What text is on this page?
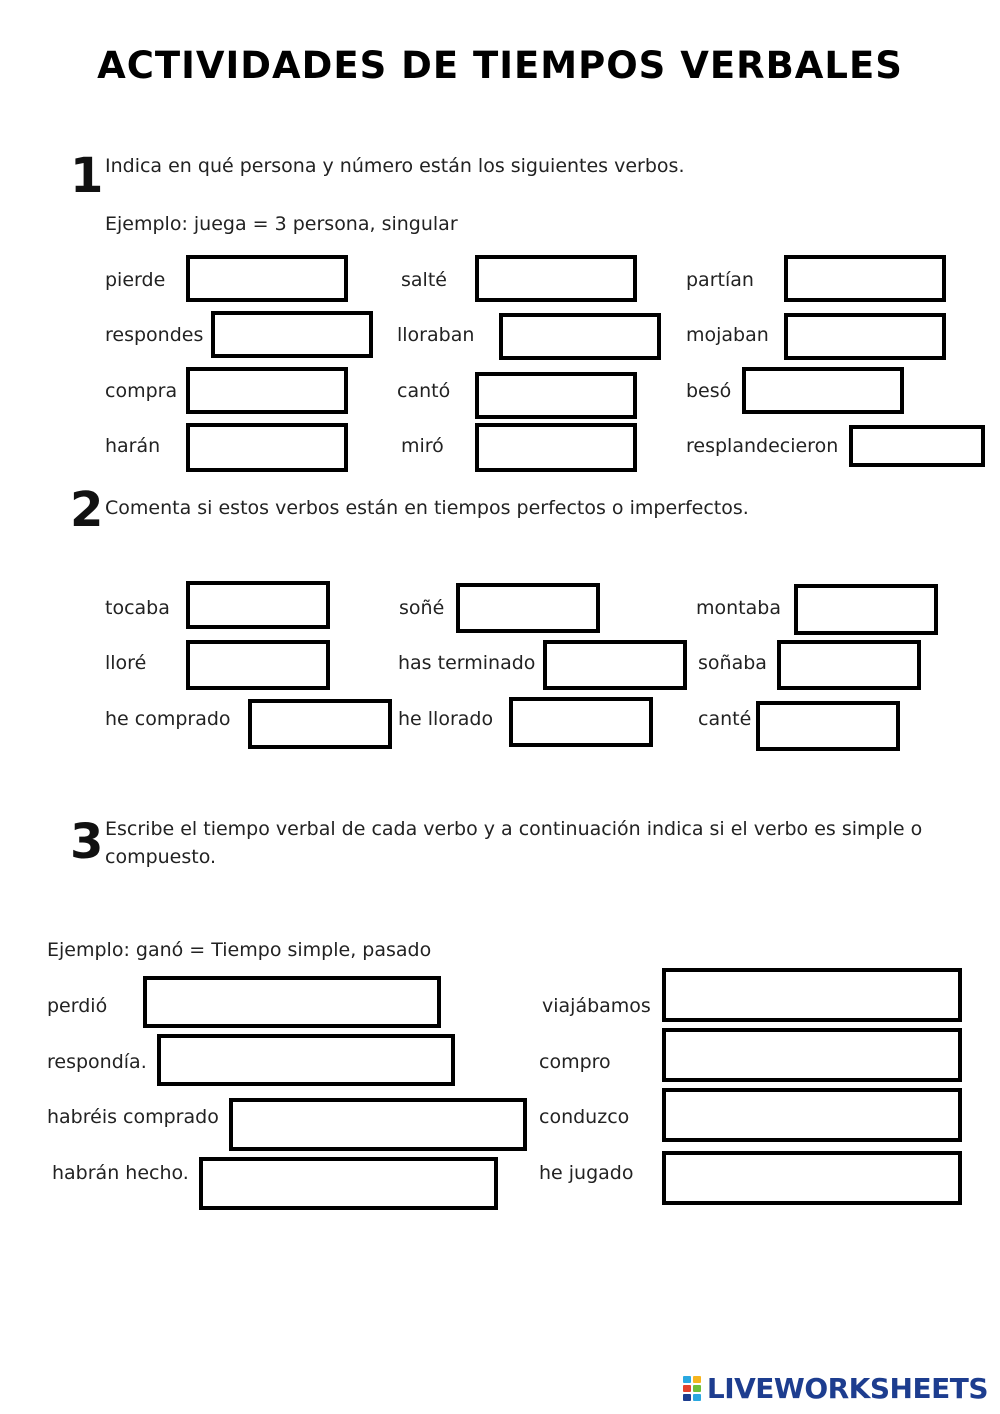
ACTIVIDADES DE TIEMPOS VERBALES
1 Indica en qué persona y número están los siguientes verbos.
Ejemplo: juega = 3 persona, singular
pierde
respondes
compra
harán
salté
lloraban
cantó
miró
partían
mojaban
besó
resplandecieron
2 Comenta si estos verbos están en tiempos perfectos o imperfectos.
tocaba
lloré
he comprado
soñé
has terminado
he llorado
montaba
soñaba
canté
3 Escribe el tiempo verbal de cada verbo y a continuación indica si el verbo es simple o compuesto.
Ejemplo: ganó = Tiempo simple, pasado
perdió
respondía.
habréis comprado
habrán hecho.
viajábamos
compro
conduzco
he jugado
LIVEWORKSHEETS
